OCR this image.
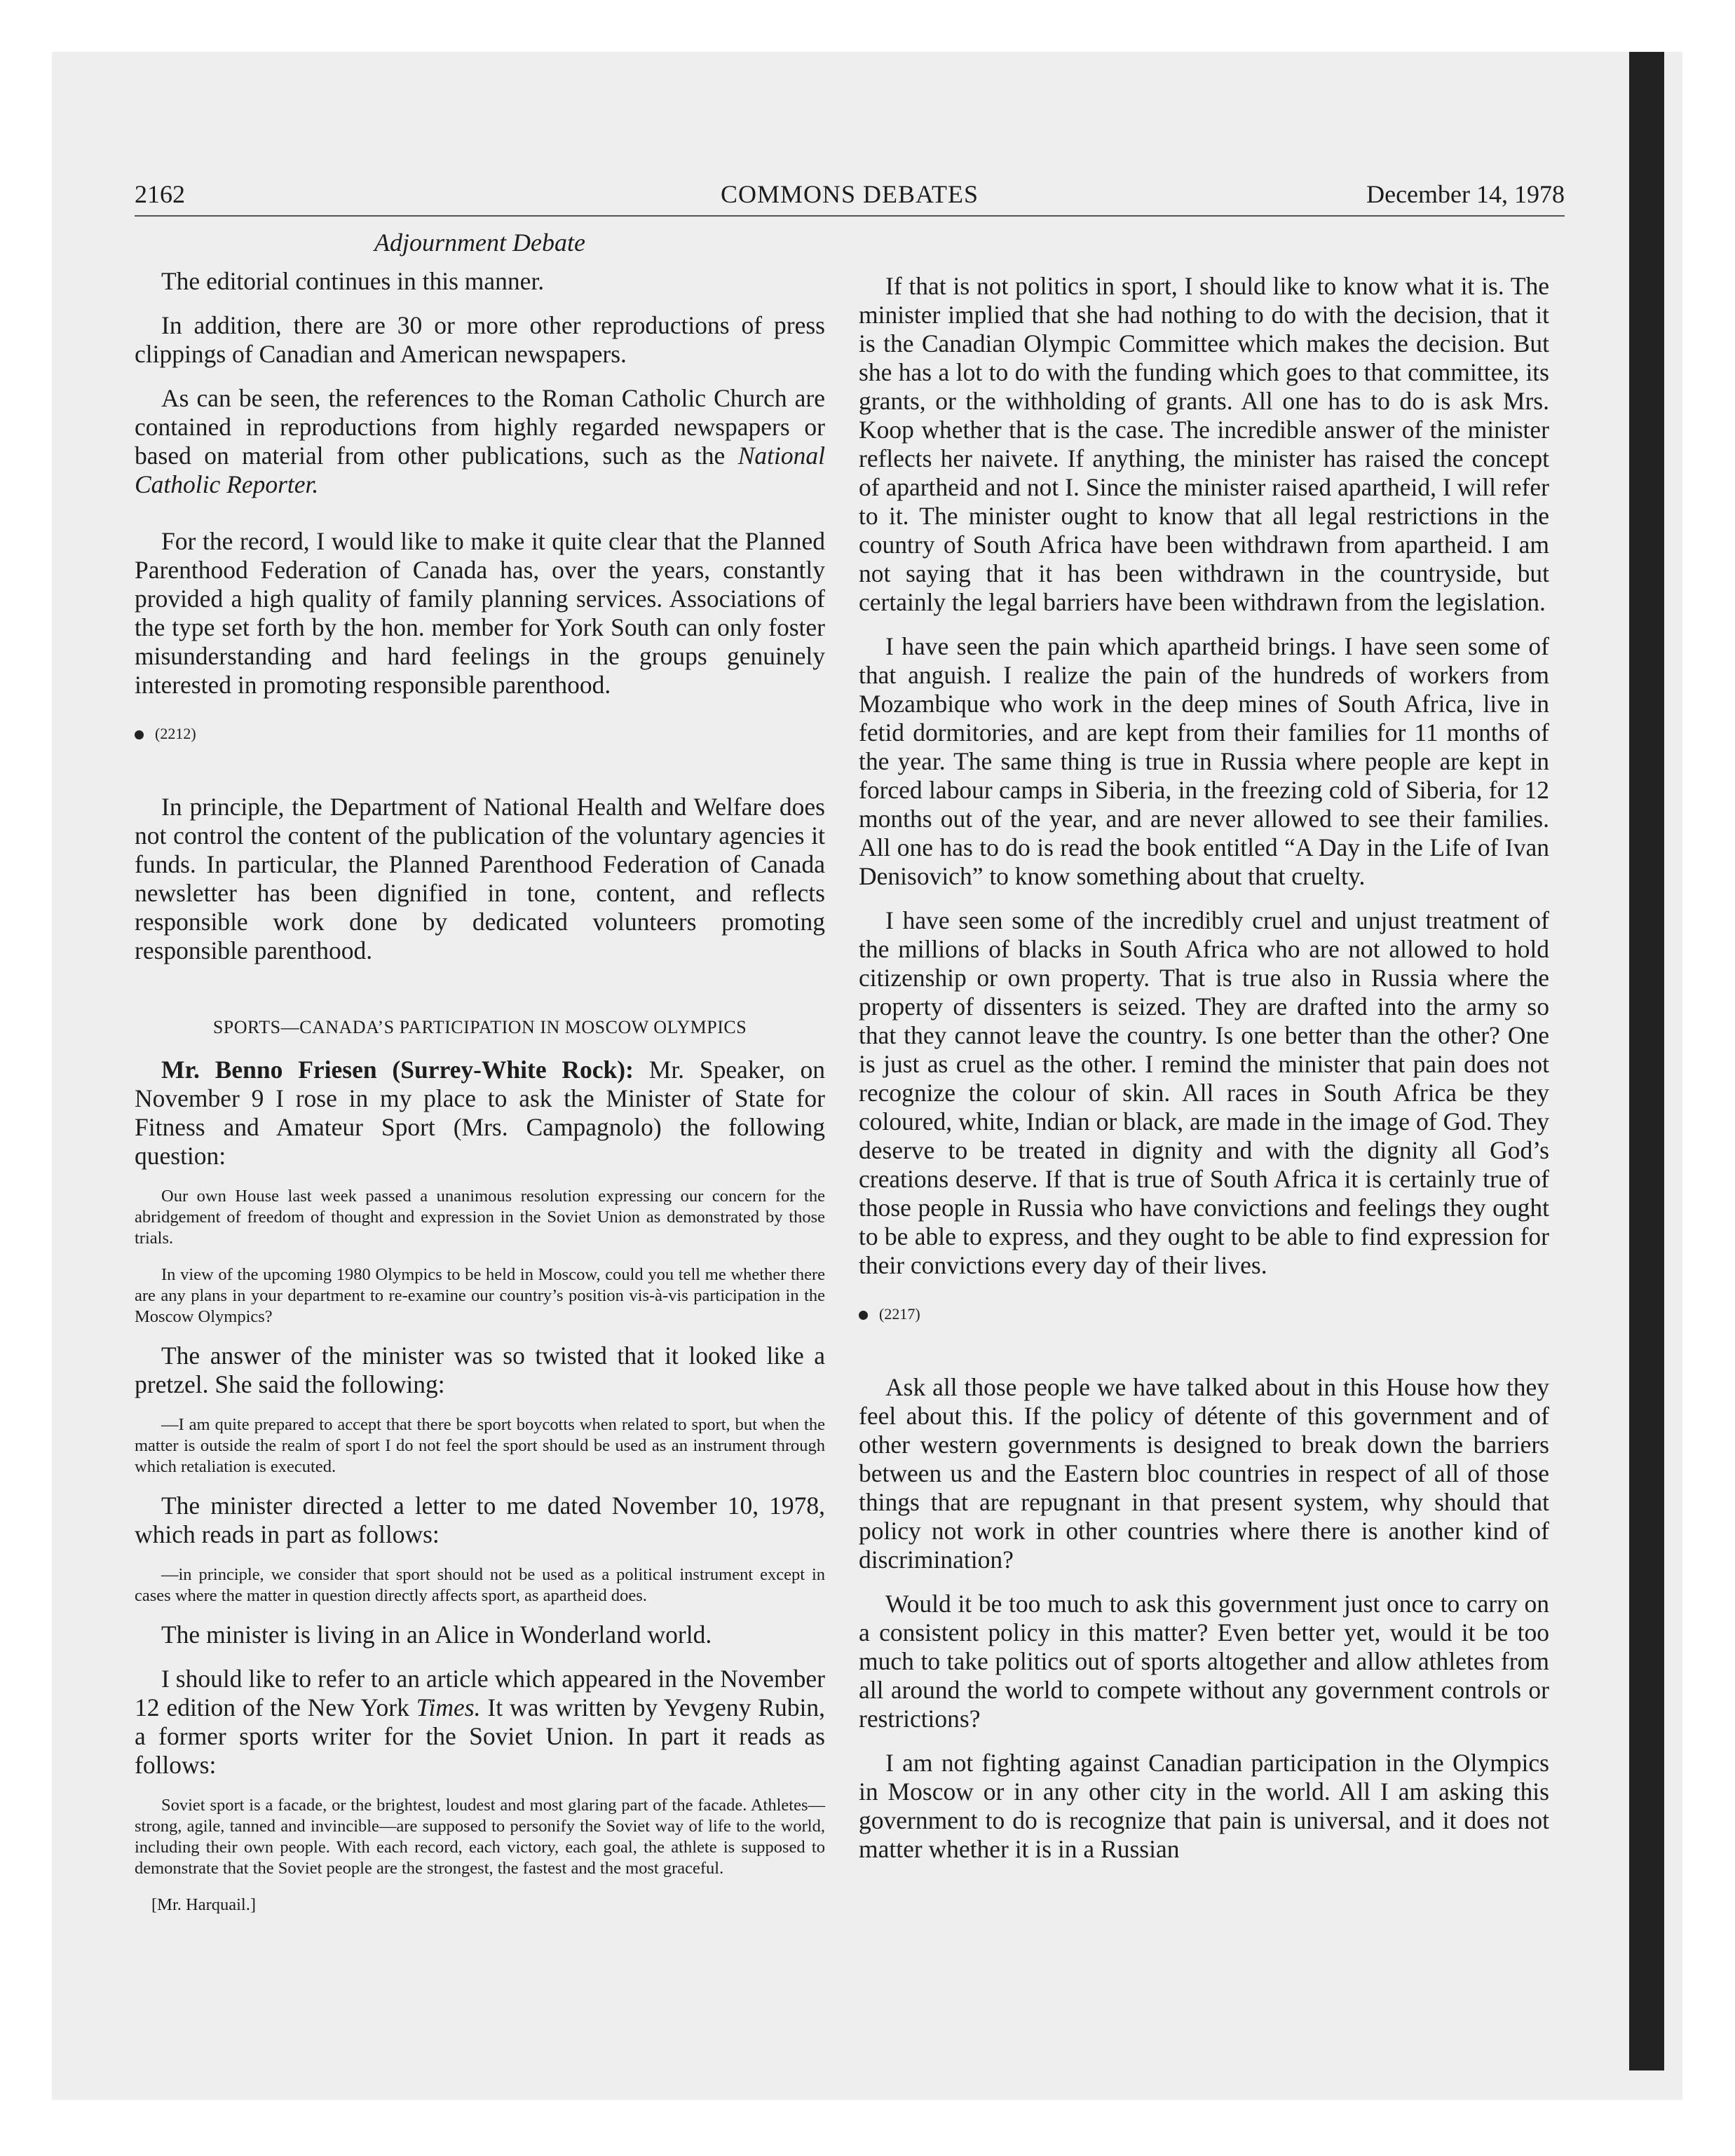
2162	COMMONS DEBATES	December 14, 1978
Adjournment Debate

The editorial continues in this manner.

In addition, there are 30 or more other reproductions of press clippings of Canadian and American newspapers.

As can be seen, the references to the Roman Catholic Church are contained in reproductions from highly regarded newspapers or based on material from other publications, such as the National Catholic Reporter.

For the record, I would like to make it quite clear that the Planned Parenthood Federation of Canada has, over the years, constantly provided a high quality of family planning services. Associations of the type set forth by the hon. member for York South can only foster misunderstanding and hard feelings in the groups genuinely interested in promoting responsible parenthood.

(2212)

In principle, the Department of National Health and Welfare does not control the content of the publication of the voluntary agencies it funds. In particular, the Planned Parenthood Federation of Canada newsletter has been dignified in tone, content, and reflects responsible work done by dedicated volunteers promoting responsible parenthood.

SPORTS—CANADA’S PARTICIPATION IN MOSCOW OLYMPICS

Mr. Benno Friesen (Surrey-White Rock): Mr. Speaker, on November 9 I rose in my place to ask the Minister of State for Fitness and Amateur Sport (Mrs. Campagnolo) the following question:

Our own House last week passed a unanimous resolution expressing our concern for the abridgement of freedom of thought and expression in the Soviet Union as demonstrated by those trials.

In view of the upcoming 1980 Olympics to be held in Moscow, could you tell me whether there are any plans in your department to re-examine our country’s position vis-à-vis participation in the Moscow Olympics?

The answer of the minister was so twisted that it looked like a pretzel. She said the following:

—I am quite prepared to accept that there be sport boycotts when related to sport, but when the matter is outside the realm of sport I do not feel the sport should be used as an instrument through which retaliation is executed.

The minister directed a letter to me dated November 10, 1978, which reads in part as follows:

—in principle, we consider that sport should not be used as a political instrument except in cases where the matter in question directly affects sport, as apartheid does.

The minister is living in an Alice in Wonderland world.

I should like to refer to an article which appeared in the November 12 edition of the New York Times. It was written by Yevgeny Rubin, a former sports writer for the Soviet Union. In part it reads as follows:

Soviet sport is a facade, or the brightest, loudest and most glaring part of the facade. Athletes—strong, agile, tanned and invincible—are supposed to personify the Soviet way of life to the world, including their own people. With each record, each victory, each goal, the athlete is supposed to demonstrate that the Soviet people are the strongest, the fastest and the most graceful.

[Mr. Harquail.]

If that is not politics in sport, I should like to know what it is. The minister implied that she had nothing to do with the decision, that it is the Canadian Olympic Committee which makes the decision. But she has a lot to do with the funding which goes to that committee, its grants, or the withholding of grants. All one has to do is ask Mrs. Koop whether that is the case. The incredible answer of the minister reflects her naivete. If anything, the minister has raised the concept of apartheid and not I. Since the minister raised apartheid, I will refer to it. The minister ought to know that all legal restrictions in the country of South Africa have been withdrawn from apartheid. I am not saying that it has been withdrawn in the countryside, but certainly the legal barriers have been withdrawn from the legislation.

I have seen the pain which apartheid brings. I have seen some of that anguish. I realize the pain of the hundreds of workers from Mozambique who work in the deep mines of South Africa, live in fetid dormitories, and are kept from their families for 11 months of the year. The same thing is true in Russia where people are kept in forced labour camps in Siberia, in the freezing cold of Siberia, for 12 months out of the year, and are never allowed to see their families. All one has to do is read the book entitled “A Day in the Life of Ivan Denisovich” to know something about that cruelty.

I have seen some of the incredibly cruel and unjust treatment of the millions of blacks in South Africa who are not allowed to hold citizenship or own property. That is true also in Russia where the property of dissenters is seized. They are drafted into the army so that they cannot leave the country. Is one better than the other? One is just as cruel as the other. I remind the minister that pain does not recognize the colour of skin. All races in South Africa be they coloured, white, Indian or black, are made in the image of God. They deserve to be treated in dignity and with the dignity all God’s creations deserve. If that is true of South Africa it is certainly true of those people in Russia who have convictions and feelings they ought to be able to express, and they ought to be able to find expression for their convictions every day of their lives.

(2217)

Ask all those people we have talked about in this House how they feel about this. If the policy of détente of this government and of other western governments is designed to break down the barriers between us and the Eastern bloc countries in respect of all of those things that are repugnant in that present system, why should that policy not work in other countries where there is another kind of discrimination?

Would it be too much to ask this government just once to carry on a consistent policy in this matter? Even better yet, would it be too much to take politics out of sports altogether and allow athletes from all around the world to compete without any government controls or restrictions?

I am not fighting against Canadian participation in the Olympics in Moscow or in any other city in the world. All I am asking this government to do is recognize that pain is universal, and it does not matter whether it is in a Russian
